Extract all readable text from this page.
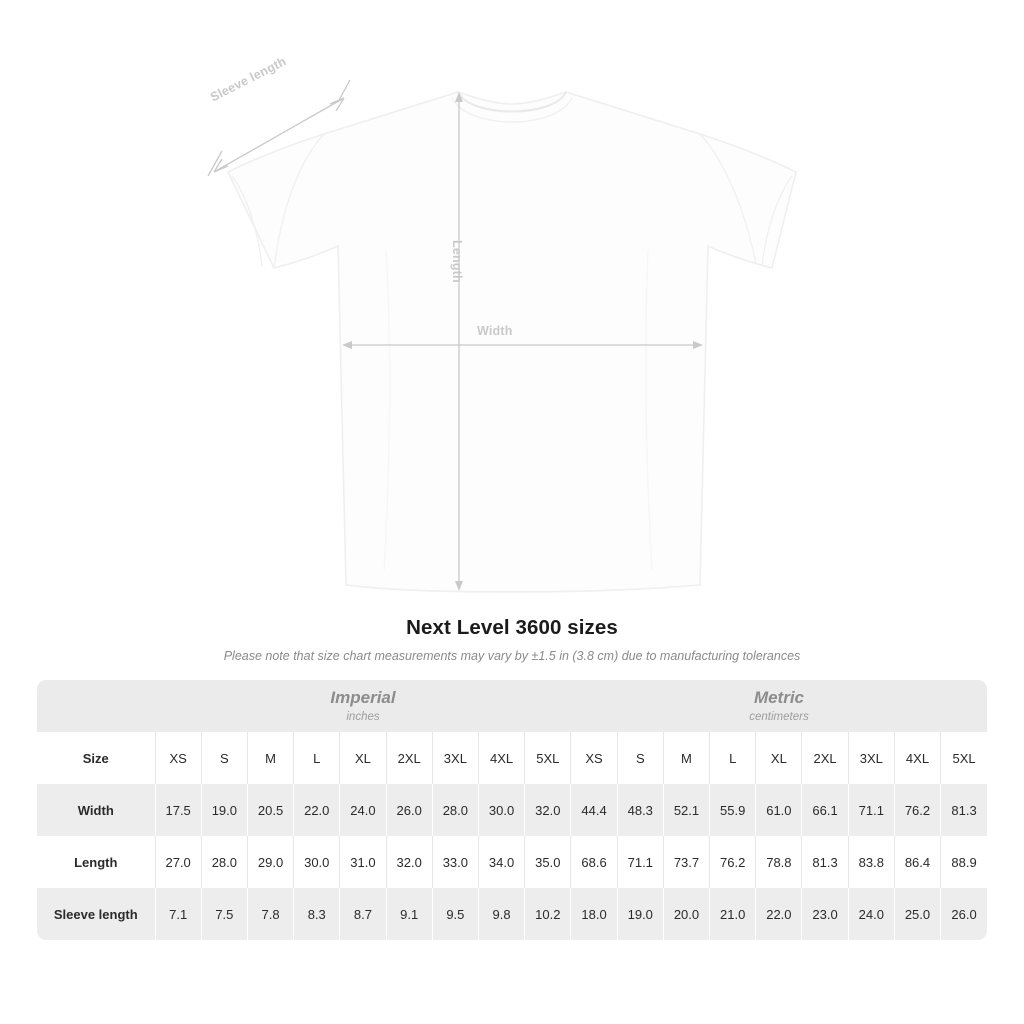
Sleeve length
Length
Width
Next Level 3600 sizes
Please note that size chart measurements may vary by ±1.5 in (3.8 cm) due to manufacturing tolerances

Imperial
inches

Metric
centimeters

Size	XS	S	M	L	XL	2XL	3XL	4XL	5XL	XS	S	M	L	XL	2XL	3XL	4XL	5XL
Width	17.5	19.0	20.5	22.0	24.0	26.0	28.0	30.0	32.0	44.4	48.3	52.1	55.9	61.0	66.1	71.1	76.2	81.3
Length	27.0	28.0	29.0	30.0	31.0	32.0	33.0	34.0	35.0	68.6	71.1	73.7	76.2	78.8	81.3	83.8	86.4	88.9
Sleeve length	7.1	7.5	7.8	8.3	8.7	9.1	9.5	9.8	10.2	18.0	19.0	20.0	21.0	22.0	23.0	24.0	25.0	26.0
